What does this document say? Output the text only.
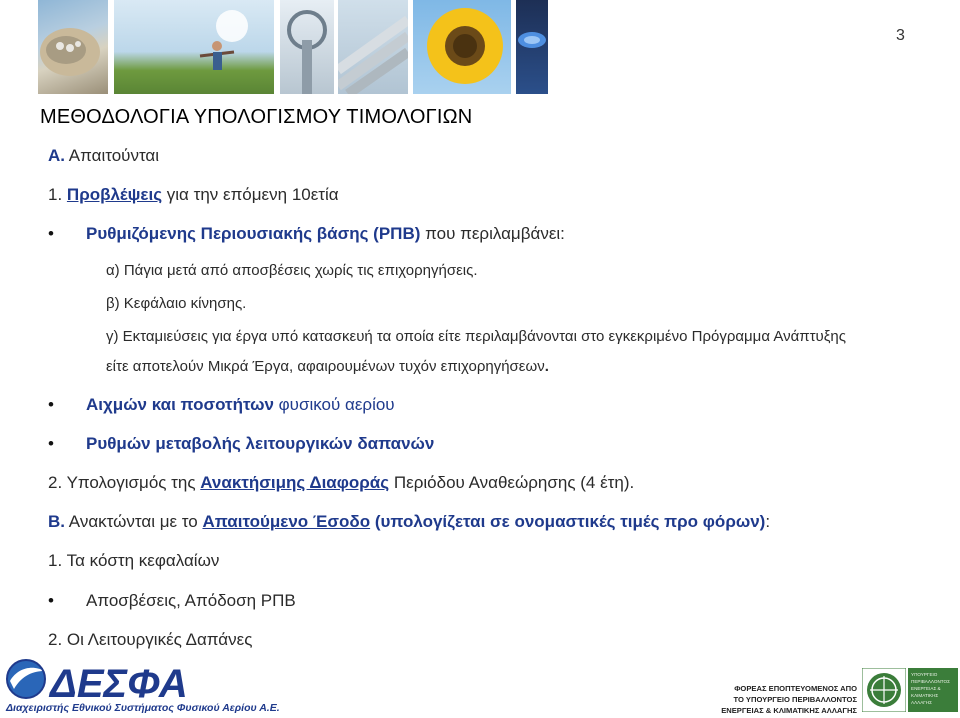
3
ΜΕΘΟΔΟΛΟΓΙΑ ΥΠΟΛΟΓΙΣΜΟΥ ΤΙΜΟΛΟΓΙΩΝ
Α. Απαιτούνται
1. Προβλέψεις για την επόμενη 10ετία
• Ρυθμιζόμενης Περιουσιακής βάσης (ΡΠΒ) που περιλαμβάνει:
α) Πάγια μετά από αποσβέσεις χωρίς τις επιχορηγήσεις.
β) Κεφάλαιο κίνησης.
γ) Εκταμιεύσεις για έργα υπό κατασκευή τα οποία είτε περιλαμβάνονται στο εγκεκριμένο Πρόγραμμα Ανάπτυξης
είτε αποτελούν Μικρά Έργα, αφαιρουμένων τυχόν επιχορηγήσεων.
• Αιχμών και ποσοτήτων φυσικού αερίου
• Ρυθμών μεταβολής λειτουργικών δαπανών
2. Υπολογισμός της Ανακτήσιμης Διαφοράς Περιόδου Αναθεώρησης (4 έτη).
Β. Ανακτώνται με το Απαιτούμενο Έσοδο (υπολογίζεται σε ονομαστικές τιμές προ φόρων):
1. Τα κόστη κεφαλαίων
• Αποσβέσεις, Απόδοση ΡΠΒ
2. Οι Λειτουργικές Δαπάνες
ΔΕΣΦΑ
Διαχειριστής Εθνικού Συστήματος Φυσικού Αερίου Α.Ε.
ΦΟΡΕΑΣ ΕΠΟΠΤΕΥΟΜΕΝΟΣ ΑΠΟ
ΤΟ ΥΠΟΥΡΓΕΙΟ ΠΕΡΙΒΑΛΛΟΝΤΟΣ
ΕΝΕΡΓΕΙΑΣ & ΚΛΙΜΑΤΙΚΗΣ ΑΛΛΑΓΗΣ
ΥΠΟΥΡΓΕΙΟ
ΠΕΡΙΒΑΛΛΟΝΤΟΣ
ΕΝΕΡΓΕΙΑΣ &
ΚΛΙΜΑΤΙΚΗΣ
ΑΛΛΑΓΗΣ
